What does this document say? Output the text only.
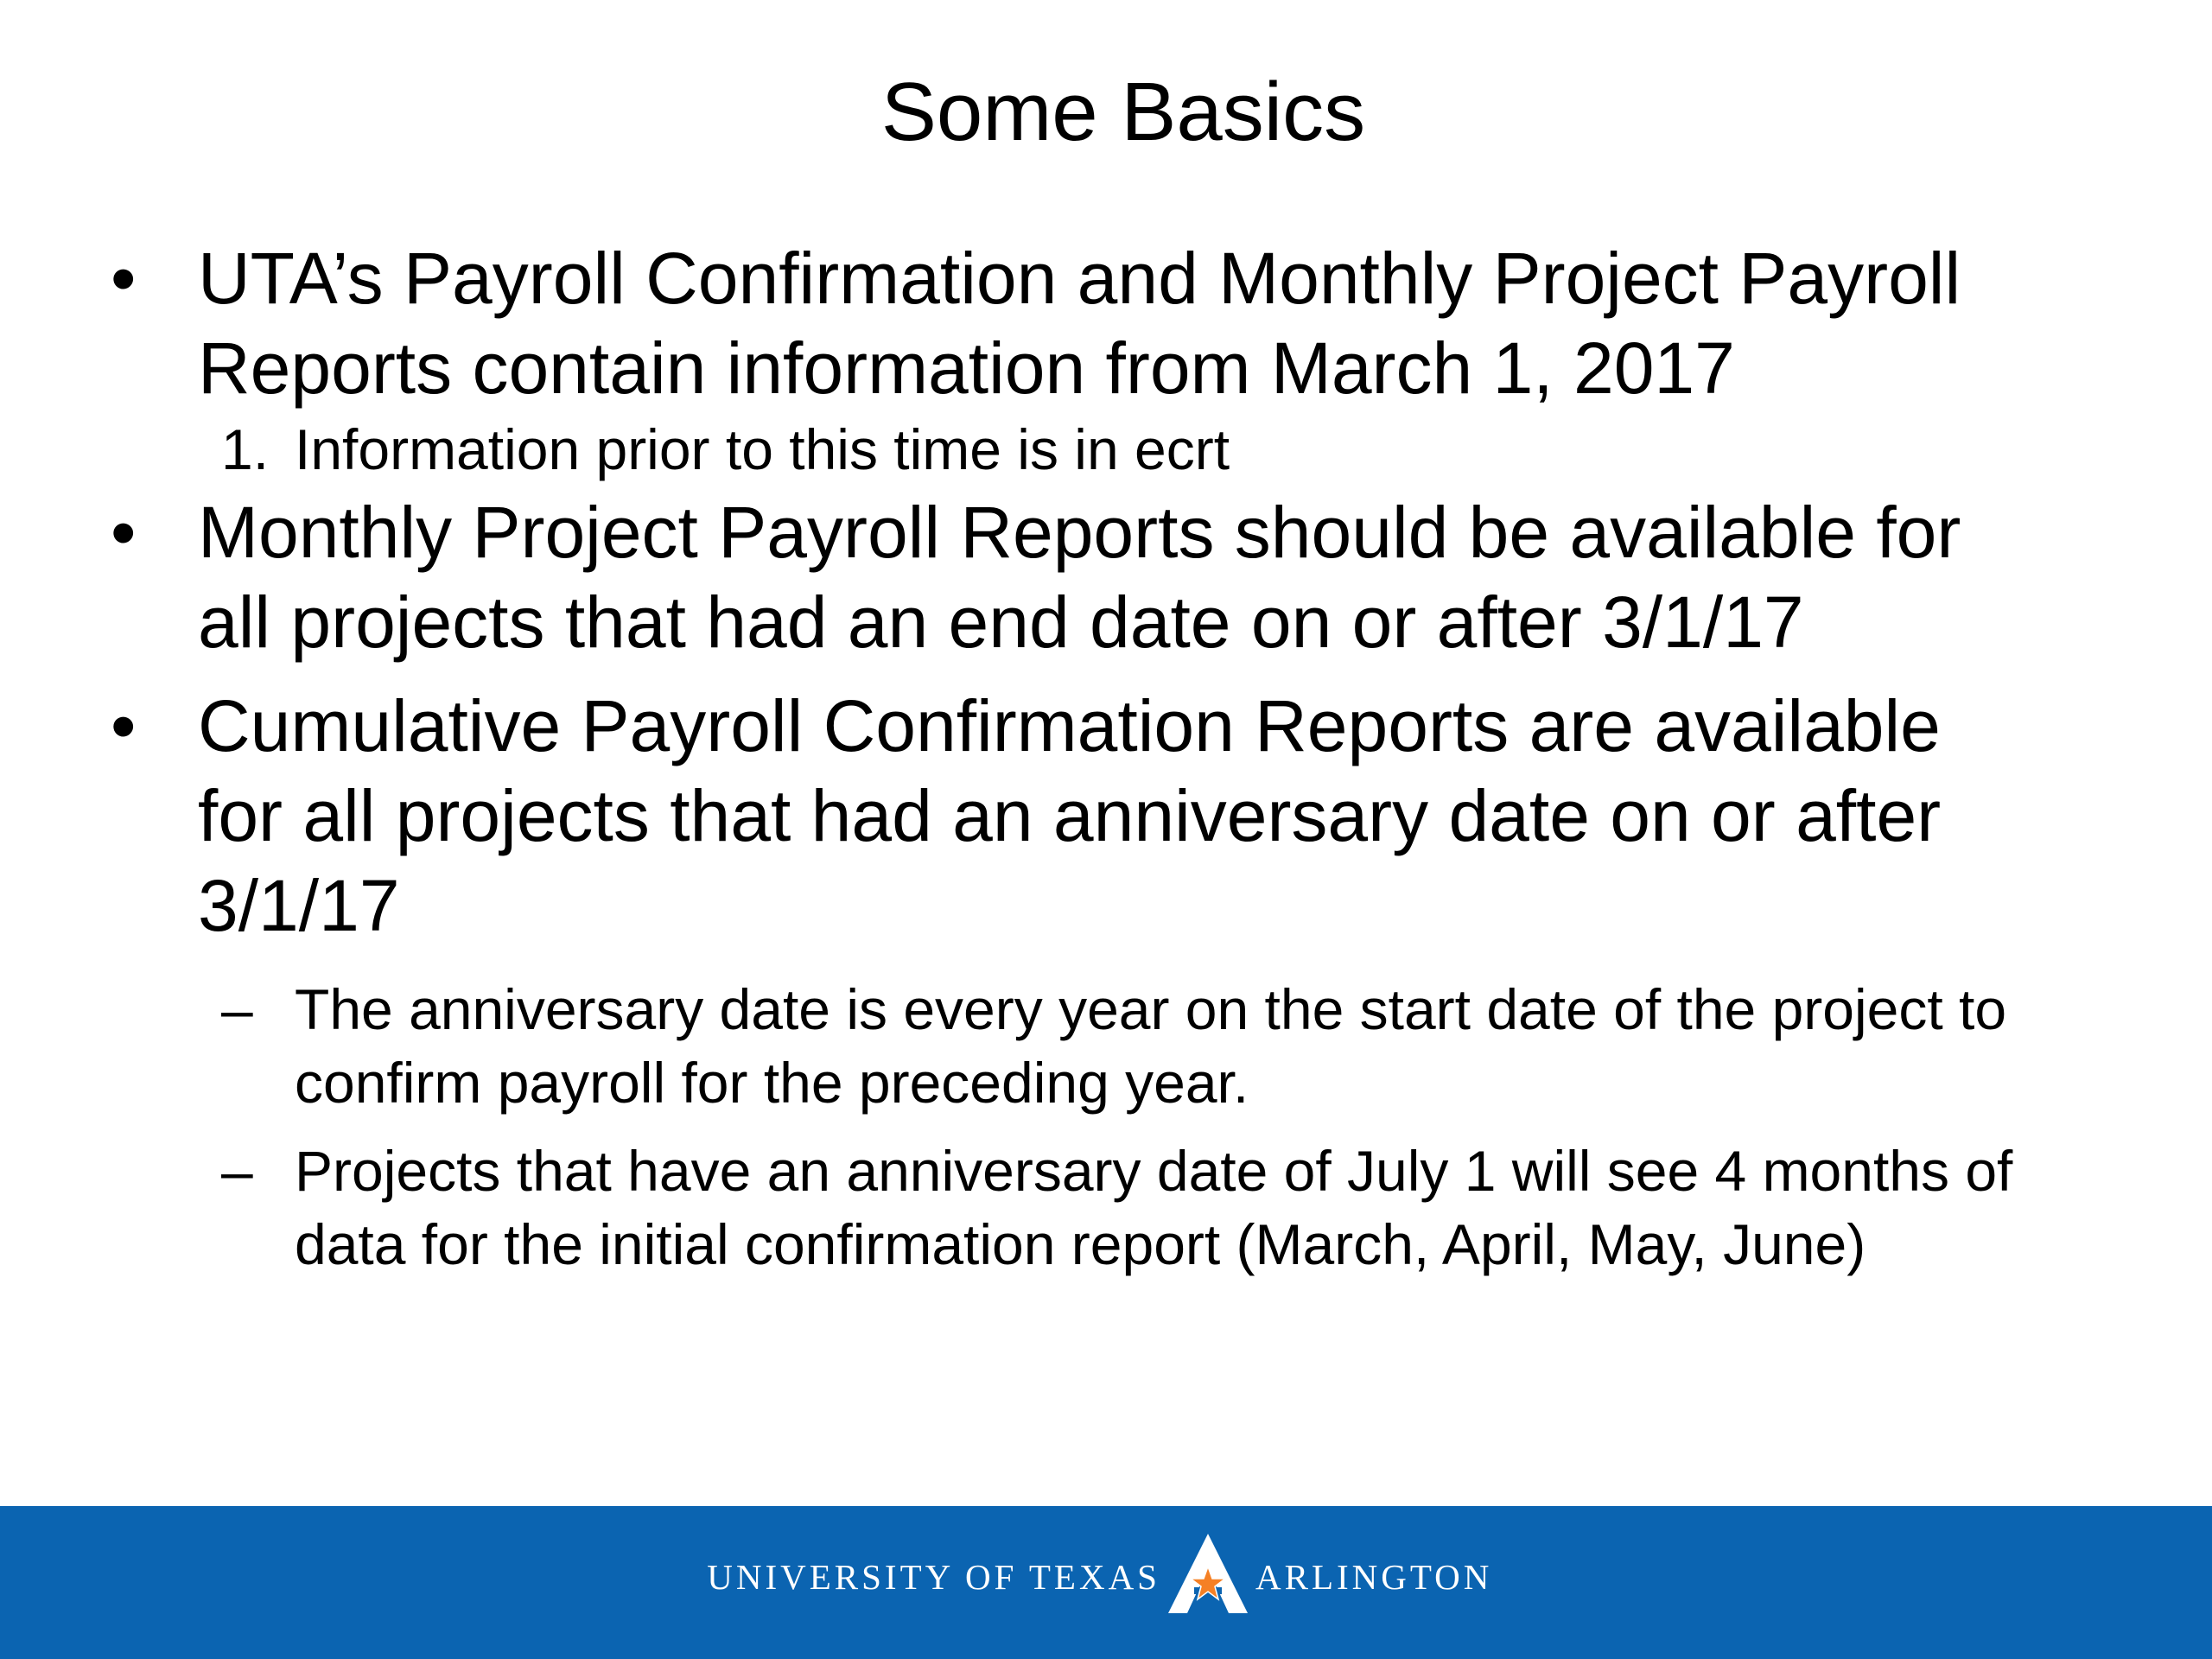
Some Basics
• UTA’s Payroll Confirmation and Monthly Project Payroll Reports contain information from March 1, 2017
1. Information prior to this time is in ecrt
• Monthly Project Payroll Reports should be available for all projects that had an end date on or after 3/1/17
• Cumulative Payroll Confirmation Reports are available for all projects that had an anniversary date on or after 3/1/17
– The anniversary date is every year on the start date of the project to confirm payroll for the preceding year.
– Projects that have an anniversary date of July 1 will see 4 months of data for the initial confirmation report (March, April, May, June)
UNIVERSITY OF TEXAS	ARLINGTON
